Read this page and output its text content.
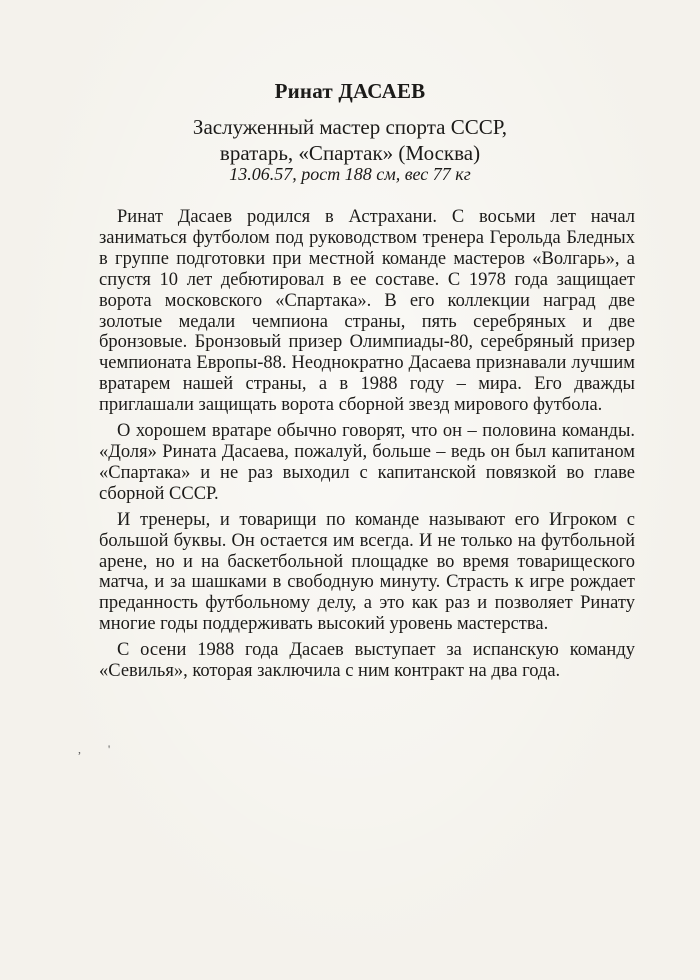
Ринат ДАСАЕВ
Заслуженный мастер спорта СССР,
вратарь, «Спартак» (Москва)
13.06.57, рост 188 см, вес 77 кг

Ринат Дасаев родился в Астрахани. С восьми лет начал заниматься футболом под руководством тренера Герольда Бледных в группе подготовки при местной команде мастеров «Волгарь», а спустя 10 лет дебютировал в ее составе. С 1978 года защищает ворота московского «Спартака». В его коллекции наград две золотые медали чемпиона страны, пять серебряных и две бронзовые. Бронзовый призер Олимпиады-80, серебряный призер чемпионата Европы-88. Неоднократно Дасаева признавали лучшим вратарем нашей страны, а в 1988 году – мира. Его дважды приглашали защищать ворота сборной звезд мирового футбола.

О хорошем вратаре обычно говорят, что он – половина команды. «Доля» Рината Дасаева, пожалуй, больше – ведь он был капитаном «Спартака» и не раз выходил с капитанской повязкой во главе сборной СССР.

И тренеры, и товарищи по команде называют его Игроком с большой буквы. Он остается им всегда. И не только на футбольной арене, но и на баскетбольной площадке во время товарищеского матча, и за шашками в свободную минуту. Страсть к игре рождает преданность футбольному делу, а это как раз и позволяет Ринату многие годы поддерживать высокий уровень мастерства.

С осени 1988 года Дасаев выступает за испанскую команду «Севилья», которая заключила с ним контракт на два года.

, '
